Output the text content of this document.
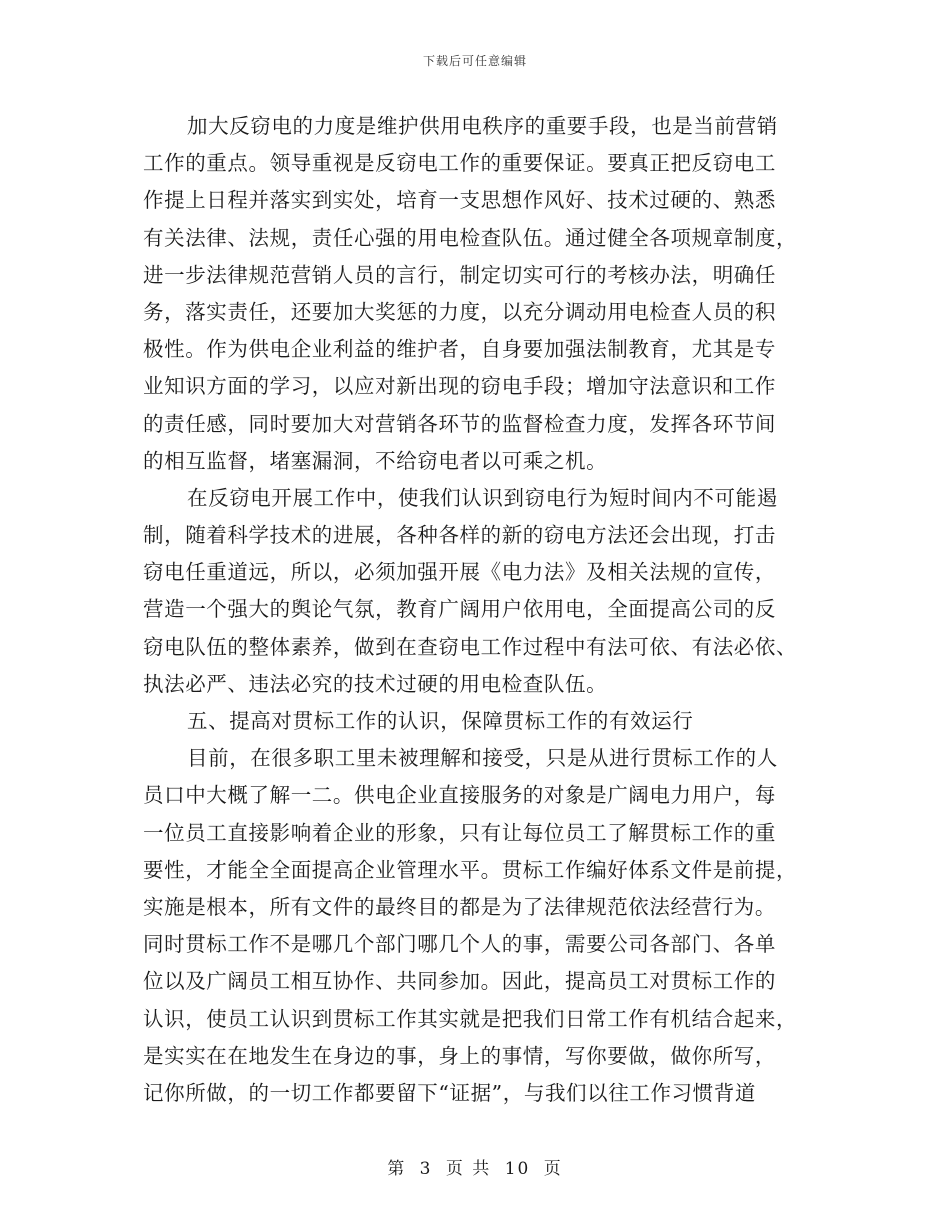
下载后可任意编辑
加大反窃电的力度是维护供用电秩序的重要手段，也是当前营销
工作的重点。领导重视是反窃电工作的重要保证。要真正把反窃电工
作提上日程并落实到实处，培育一支思想作风好、技术过硬的、熟悉
有关法律、法规，责任心强的用电检查队伍。通过健全各项规章制度，
进一步法律规范营销人员的言行，制定切实可行的考核办法，明确任
务，落实责任，还要加大奖惩的力度，以充分调动用电检查人员的积
极性。作为供电企业利益的维护者，自身要加强法制教育，尤其是专
业知识方面的学习，以应对新出现的窃电手段；增加守法意识和工作
的责任感，同时要加大对营销各环节的监督检查力度，发挥各环节间
的相互监督，堵塞漏洞，不给窃电者以可乘之机。
在反窃电开展工作中，使我们认识到窃电行为短时间内不可能遏
制，随着科学技术的进展，各种各样的新的窃电方法还会出现，打击
窃电任重道远，所以，必须加强开展《电力法》及相关法规的宣传，
营造一个强大的舆论气氛，教育广阔用户依用电，全面提高公司的反
窃电队伍的整体素养，做到在查窃电工作过程中有法可依、有法必依、
执法必严、违法必究的技术过硬的用电检查队伍。
五、提高对贯标工作的认识，保障贯标工作的有效运行
目前，在很多职工里未被理解和接受，只是从进行贯标工作的人
员口中大概了解一二。供电企业直接服务的对象是广阔电力用户，每
一位员工直接影响着企业的形象，只有让每位员工了解贯标工作的重
要性，才能全全面提高企业管理水平。贯标工作编好体系文件是前提，
实施是根本，所有文件的最终目的都是为了法律规范依法经营行为。
同时贯标工作不是哪几个部门哪几个人的事，需要公司各部门、各单
位以及广阔员工相互协作、共同参加。因此，提高员工对贯标工作的
认识，使员工认识到贯标工作其实就是把我们日常工作有机结合起来，
是实实在在地发生在身边的事，身上的事情，写你要做，做你所写，
记你所做，的一切工作都要留下“证据”，与我们以往工作习惯背道
第 3 页 共 10 页
